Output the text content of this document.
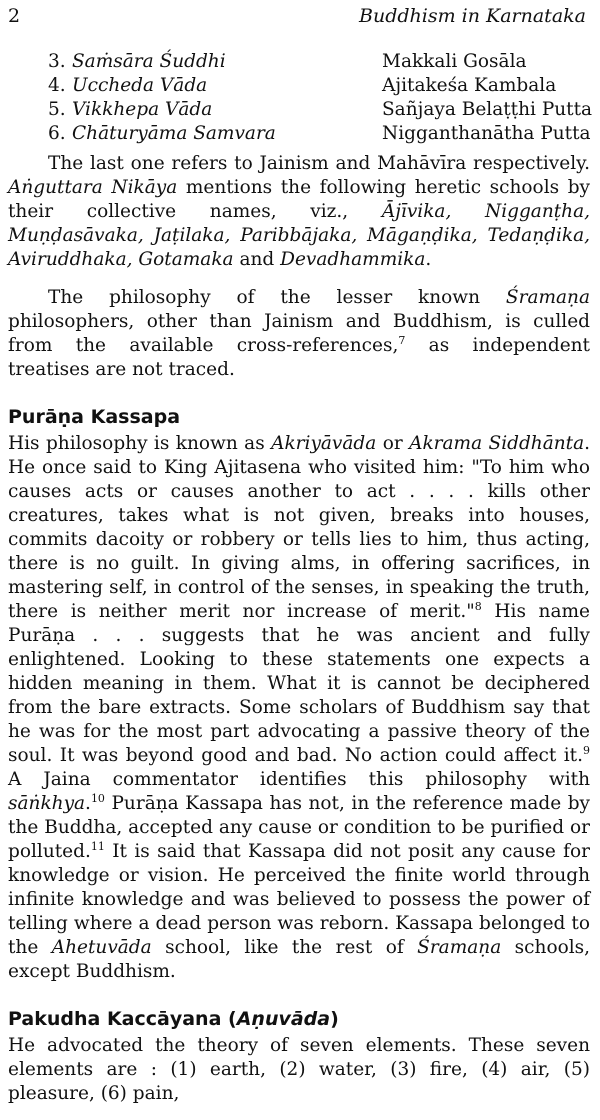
2	Buddhism in Karnataka
3. Saṁsāra Śuddhi	Makkali Gosāla
4. Uccheda Vāda	Ajitakeśa Kambala
5. Vikkhepa Vāda	Sañjaya Belaṭṭhi Putta
6. Chāturyāma Samvara	Nigganthanātha Putta

The last one refers to Jainism and Mahāvīra respectively. Aṅguttara Nikāya mentions the following heretic schools by their collective names, viz., Ājīvika, Nigganṭha, Muṇḍasāvaka, Jaṭilaka, Paribbājaka, Māgaṇḍika, Tedaṇḍika, Aviruddhaka, Gotamaka and Devadhammika.

The philosophy of the lesser known Śramaṇa philosophers, other than Jainism and Buddhism, is culled from the available cross-references,$^7$ as independent treatises are not traced.

Purāṇa Kassapa

His philosophy is known as Akriyāvāda or Akrama Siddhānta. He once said to King Ajitasena who visited him: "To him who causes acts or causes another to act . . . . kills other creatures, takes what is not given, breaks into houses, commits dacoity or robbery or tells lies to him, thus acting, there is no guilt. In giving alms, in offering sacrifices, in mastering self, in control of the senses, in speaking the truth, there is neither merit nor increase of merit."$^8$ His name Purāṇa . . . suggests that he was ancient and fully enlightened. Looking to these statements one expects a hidden meaning in them. What it is cannot be deciphered from the bare extracts. Some scholars of Buddhism say that he was for the most part advocating a passive theory of the soul. It was beyond good and bad. No action could affect it.$^9$ A Jaina commentator identifies this philosophy with sāṅkhya.$^{10}$ Purāṇa Kassapa has not, in the reference made by the Buddha, accepted any cause or condition to be purified or polluted.$^{11}$ It is said that Kassapa did not posit any cause for knowledge or vision. He perceived the finite world through infinite knowledge and was believed to possess the power of telling where a dead person was reborn. Kassapa belonged to the Ahetuvāda school, like the rest of Śramaṇa schools, except Buddhism.

Pakudha Kaccāyana (Aṇuvāda)

He advocated the theory of seven elements. These seven elements are : (1) earth, (2) water, (3) fire, (4) air, (5) pleasure, (6) pain,
